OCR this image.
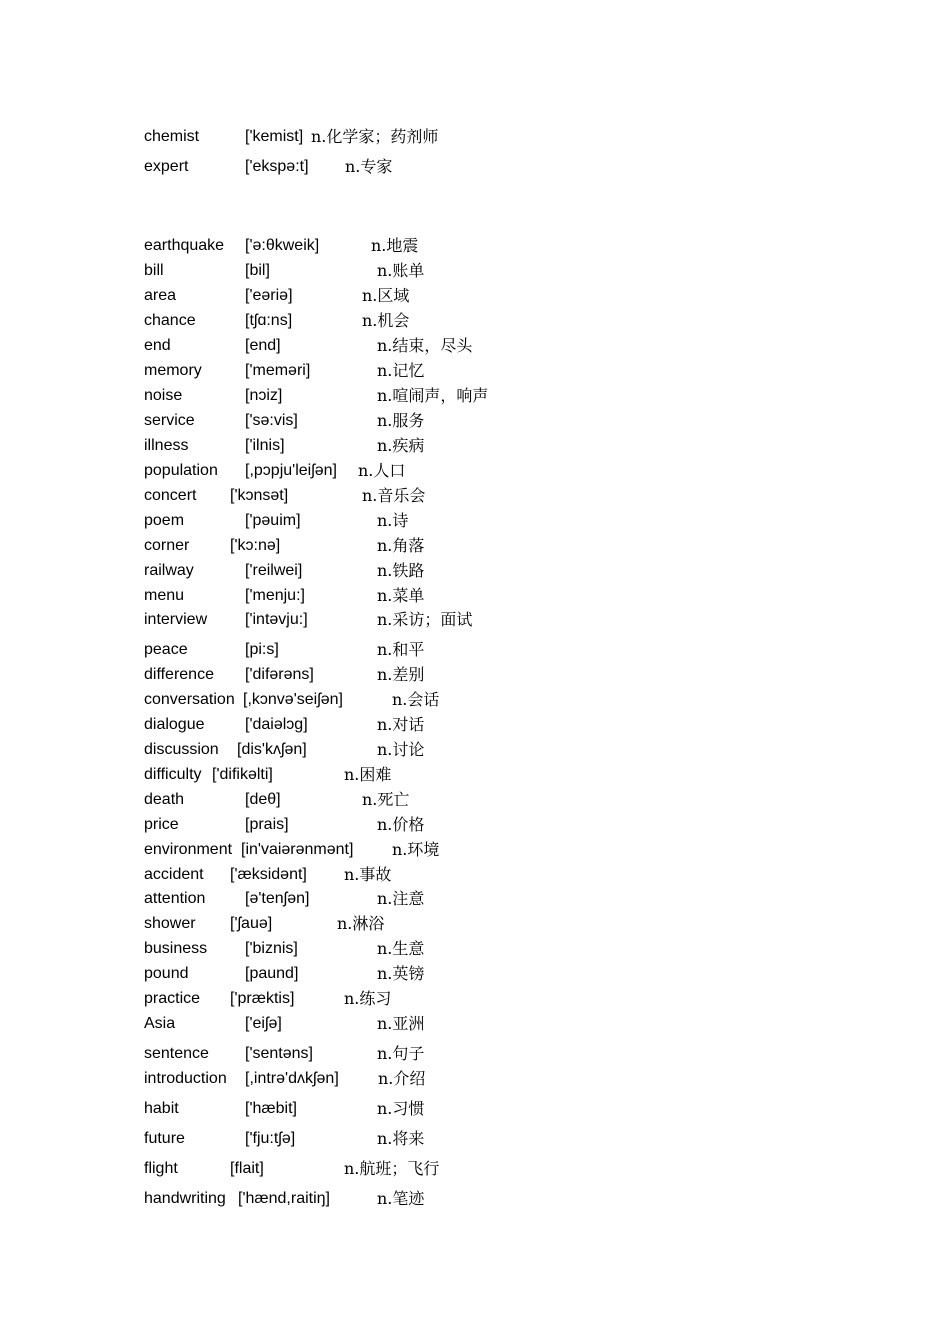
chemist	['kemist] n.化学家；药剂师
expert	['ekspə:t] n.专家
earthquake ['ə:θkweik]	n.地震
bill	[bil]	n.账单
area	['eəriə]	n.区域
chance	[tʃɑ:ns]	n.机会
end	[end]	n.结束，尽头
memory	['meməri]	n.记忆
noise	[nɔiz]	n.喧闹声，响声
service	['sə:vis]	n.服务
illness	['ilnis]	n.疾病
population [,pɔpju'leiʃən] n.人口
concert ['kɔnsət]	n.音乐会
poem	['pəuim]	n.诗
corner	['kɔ:nə]	n.角落
railway	['reilwei]	n.铁路
menu	['menju:]	n.菜单
interview ['intəvju:]	n.采访；面试
peace	[pi:s]	n.和平
difference ['difərəns]	n.差别
conversation [,kɔnvə'seiʃən]	n.会话
dialogue	['daiəlɔg]	n.对话
discussion [dis'kʌʃən]	n.讨论
difficulty ['difikəlti]	n.困难
death	[deθ]	n.死亡
price	[prais]	n.价格
environment [in'vaiərənmənt] n.环境
accident ['æksidənt] n.事故
attention [ə'tenʃən]	n.注意
shower ['ʃauə]	n.淋浴
business ['biznis]	n.生意
pound	[paund]	n.英镑
practice ['præktis]	n.练习
Asia	['eiʃə]	n.亚洲
sentence ['sentəns]	n.句子
introduction [,intrə'dʌkʃən] n.介绍
habit	['hæbit]	n.习惯
future	['fju:tʃə]	n.将来
flight	[flait]	n.航班；飞行
handwriting ['hænd,raitiŋ]	n.笔迹
